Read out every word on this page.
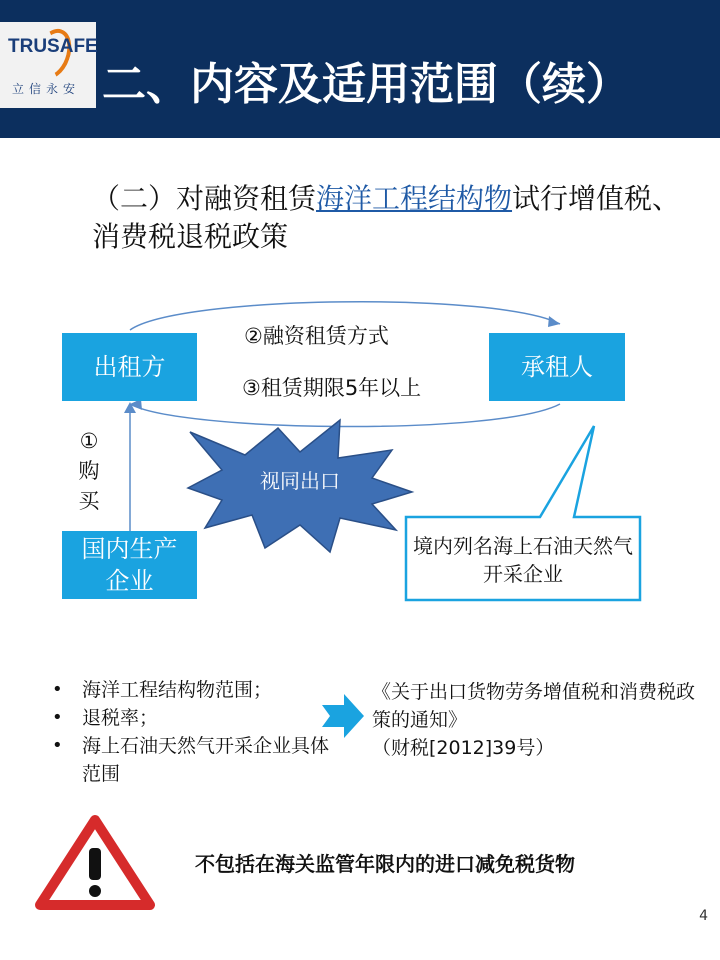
TRUSAFE
立信永安 二、内容及适用范围（续）
（二）对融资租赁海洋工程结构物试行增值税、消费税退税政策
出租方	承租人
国内生产企业
②融资租赁方式
③租赁期限5年以上
①购买
视同出口
境内列名海上石油天然气开采企业
• 海洋工程结构物范围；
• 退税率；
• 海上石油天然气开采企业具体范围
《关于出口货物劳务增值税和消费税政策的通知》
（财税[2012]39号）
不包括在海关监管年限内的进口减免税货物
4
